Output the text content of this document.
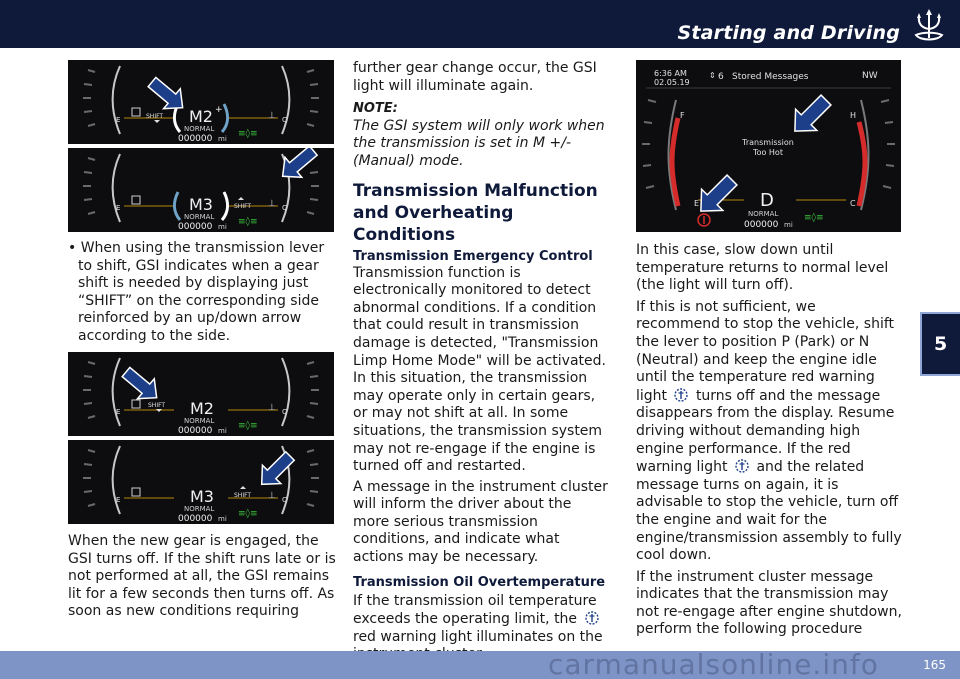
Starting and Driving
5
⊥
≡◊≡
SHIFT
E	C
M2 +
NORMAL
000000 mi
⊥
≡◊≡
SHIFT
E	C
M3
NORMAL
000000 mi
⊥
≡◊≡
SHIFT
E	C
M2
NORMAL
000000 mi
⊥
≡◊≡
SHIFT
E	C
M3
NORMAL
000000 mi
6:36 AM
02.05.19
⇕ 6 Stored Messages	NW
F	H
E	C
Transmission
Too Hot
D
NORMAL
000000 mi
≡◊≡

• When using the transmission lever to shift, GSI indicates when a gear shift is needed by displaying just “SHIFT” on the corresponding side reinforced by an up/down arrow according to the side.

When the new gear is engaged, the GSI turns off. If the shift runs late or is not performed at all, the GSI remains lit for a few seconds then turns off. As soon as new conditions requiring

further gear change occur, the GSI light will illuminate again.

NOTE:

The GSI system will only work when the transmission is set in M +/- (Manual) mode.

Transmission Malfunction and Overheating Conditions

Transmission Emergency Control

Transmission function is electronically monitored to detect abnormal conditions. If a condition that could result in transmission damage is detected, "Transmission Limp Home Mode" will be activated. In this situation, the transmission may operate only in certain gears, or may not shift at all. In some situations, the transmission system may not re-engage if the engine is turned off and restarted.

A message in the instrument cluster will inform the driver about the more serious transmission conditions, and indicate what actions may be necessary.

Transmission Oil Overtemperature

If the transmission oil temperature exceeds the operating limit, the  red warning light illuminates on the

In this case, slow down until temperature returns to normal level (the light will turn off).

If this is not sufficient, we recommend to stop the vehicle, shift the lever to position P (Park) or N (Neutral) and keep the engine idle until the temperature red warning light turns off and the message disappears from the display. Resume driving without demanding high engine performance. If the red warning light and the related message turns on again, it is advisable to stop the vehicle, turn off the engine and wait for the engine/transmission assembly to fully cool down.

If the instrument cluster message indicates that the transmission may not re-engage after engine shutdown, perform the following procedure

165
carmanualsonline.info
